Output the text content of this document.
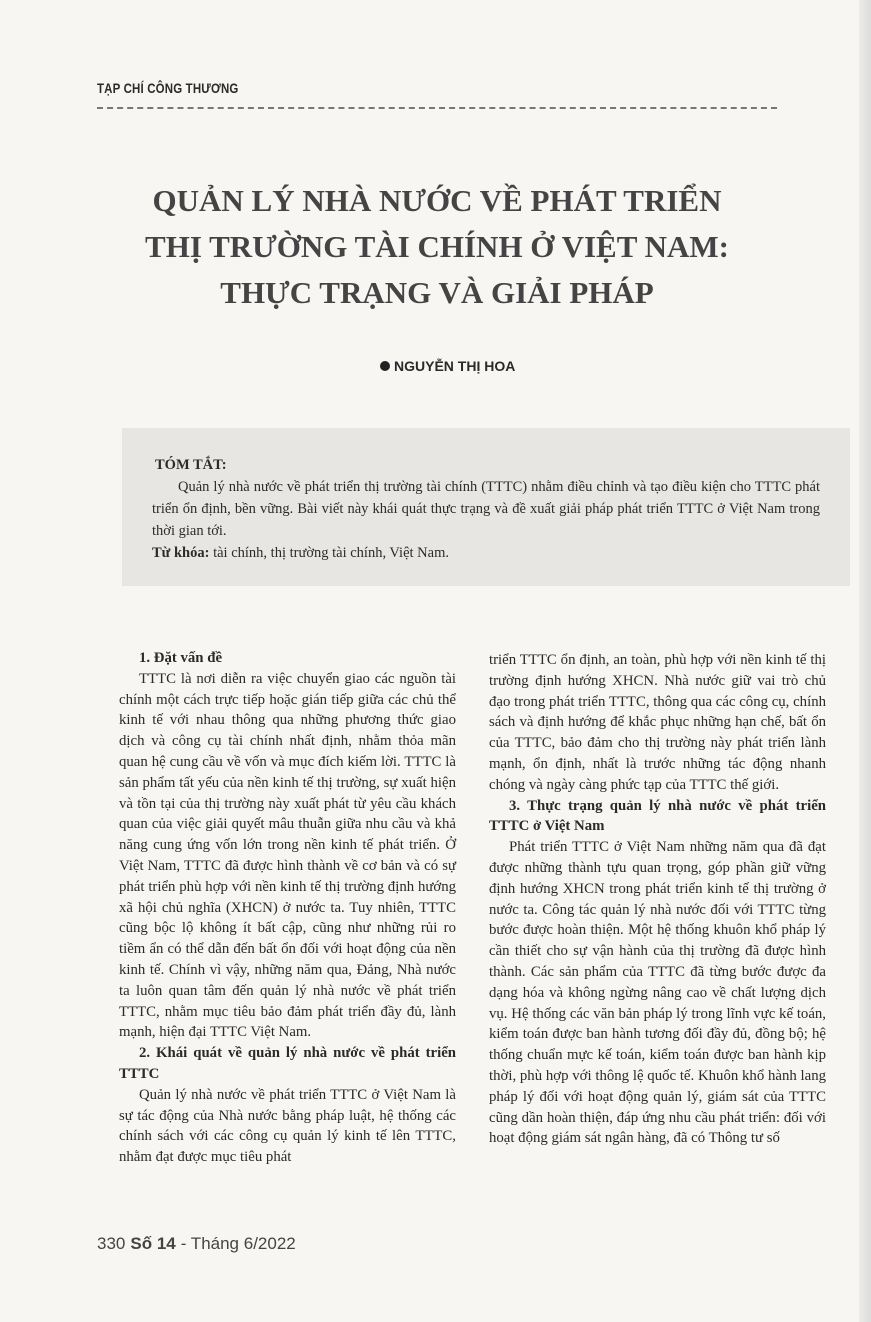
TẠP CHÍ CÔNG THƯƠNG
QUẢN LÝ NHÀ NƯỚC VỀ PHÁT TRIỂN
THỊ TRƯỜNG TÀI CHÍNH Ở VIỆT NAM:
THỰC TRẠNG VÀ GIẢI PHÁP
NGUYỄN THỊ HOA
TÓM TẮT:

Quản lý nhà nước về phát triển thị trường tài chính (TTTC) nhằm điều chỉnh và tạo điều kiện cho TTTC phát triển ổn định, bền vững. Bài viết này khái quát thực trạng và đề xuất giải pháp phát triển TTTC ở Việt Nam trong thời gian tới.

Từ khóa: tài chính, thị trường tài chính, Việt Nam.

1. Đặt vấn đề

TTTC là nơi diễn ra việc chuyển giao các nguồn tài chính một cách trực tiếp hoặc gián tiếp giữa các chủ thể kinh tế với nhau thông qua những phương thức giao dịch và công cụ tài chính nhất định, nhằm thỏa mãn quan hệ cung cầu về vốn và mục đích kiếm lời. TTTC là sản phẩm tất yếu của nền kinh tế thị trường, sự xuất hiện và tồn tại của thị trường này xuất phát từ yêu cầu khách quan của việc giải quyết mâu thuẫn giữa nhu cầu và khả năng cung ứng vốn lớn trong nền kinh tế phát triển. Ở Việt Nam, TTTC đã được hình thành về cơ bản và có sự phát triển phù hợp với nền kinh tế thị trường định hướng xã hội chủ nghĩa (XHCN) ở nước ta. Tuy nhiên, TTTC cũng bộc lộ không ít bất cập, cũng như những rủi ro tiềm ẩn có thể dẫn đến bất ổn đối với hoạt động của nền kinh tế. Chính vì vậy, những năm qua, Đảng, Nhà nước ta luôn quan tâm đến quản lý nhà nước về phát triển TTTC, nhằm mục tiêu bảo đảm phát triển đầy đủ, lành mạnh, hiện đại TTTC Việt Nam.

2. Khái quát về quản lý nhà nước về phát triển TTTC

Quản lý nhà nước về phát triển TTTC ở Việt Nam là sự tác động của Nhà nước bằng pháp luật, hệ thống các chính sách với các công cụ quản lý kinh tế lên TTTC, nhằm đạt được mục tiêu phát

triển TTTC ổn định, an toàn, phù hợp với nền kinh tế thị trường định hướng XHCN. Nhà nước giữ vai trò chủ đạo trong phát triển TTTC, thông qua các công cụ, chính sách và định hướng để khắc phục những hạn chế, bất ổn của TTTC, bảo đảm cho thị trường này phát triển lành mạnh, ổn định, nhất là trước những tác động nhanh chóng và ngày càng phức tạp của TTTC thế giới.

3. Thực trạng quản lý nhà nước về phát triển TTTC ở Việt Nam

Phát triển TTTC ở Việt Nam những năm qua đã đạt được những thành tựu quan trọng, góp phần giữ vững định hướng XHCN trong phát triển kinh tế thị trường ở nước ta. Công tác quản lý nhà nước đối với TTTC từng bước được hoàn thiện. Một hệ thống khuôn khổ pháp lý cần thiết cho sự vận hành của thị trường đã được hình thành. Các sản phẩm của TTTC đã từng bước được đa dạng hóa và không ngừng nâng cao về chất lượng dịch vụ. Hệ thống các văn bản pháp lý trong lĩnh vực kế toán, kiểm toán được ban hành tương đối đầy đủ, đồng bộ; hệ thống chuẩn mực kế toán, kiểm toán được ban hành kịp thời, phù hợp với thông lệ quốc tế. Khuôn khổ hành lang pháp lý đối với hoạt động quản lý, giám sát của TTTC cũng dần hoàn thiện, đáp ứng nhu cầu phát triển: đối với hoạt động giám sát ngân hàng, đã có Thông tư số

330 Số 14 - Tháng 6/2022
